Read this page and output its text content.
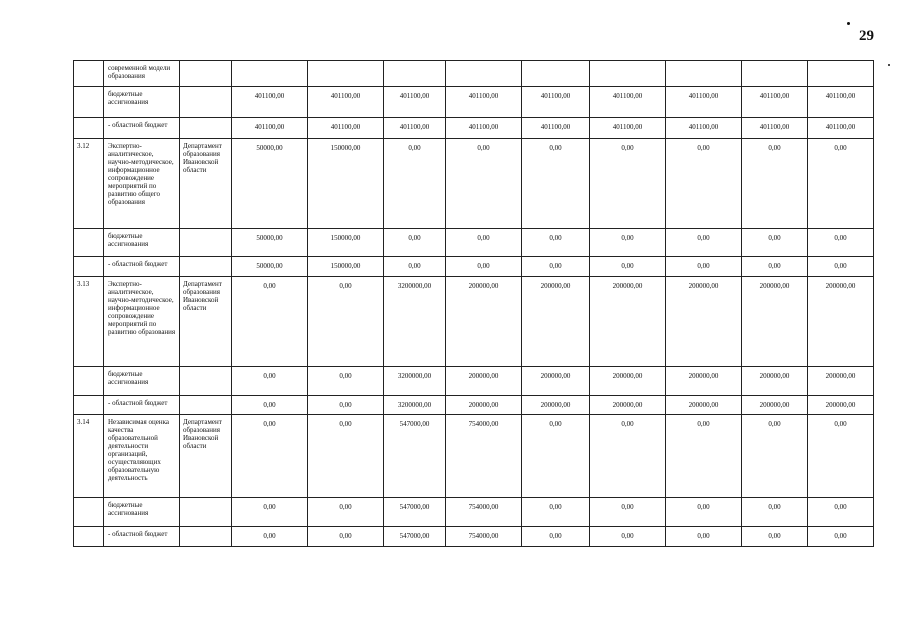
29
	современной модели образования										
	бюджетные ассигнования		401100,00	401100,00	401100,00	401100,00	401100,00	401100,00	401100,00	401100,00	401100,00
	- областной бюджет		401100,00	401100,00	401100,00	401100,00	401100,00	401100,00	401100,00	401100,00	401100,00
3.12	Экспертно-аналитическое, научно-методическое, информационное сопровождение мероприятий по развитию общего образования	Департамент образования Ивановской области	50000,00	150000,00	0,00	0,00	0,00	0,00	0,00	0,00	0,00
	бюджетные ассигнования		50000,00	150000,00	0,00	0,00	0,00	0,00	0,00	0,00	0,00
	- областной бюджет		50000,00	150000,00	0,00	0,00	0,00	0,00	0,00	0,00	0,00
3.13	Экспертно-аналитическое, научно-методическое, информационное сопровождение мероприятий по развитию образования	Департамент образования Ивановской области	0,00	0,00	3200000,00	200000,00	200000,00	200000,00	200000,00	200000,00	200000,00
	бюджетные ассигнования		0,00	0,00	3200000,00	200000,00	200000,00	200000,00	200000,00	200000,00	200000,00
	- областной бюджет		0,00	0,00	3200000,00	200000,00	200000,00	200000,00	200000,00	200000,00	200000,00
3.14	Независимая оценка качества образовательной деятельности организаций, осуществляющих образовательную деятельность	Департамент образования Ивановской области	0,00	0,00	547000,00	754000,00	0,00	0,00	0,00	0,00	0,00
	бюджетные ассигнования		0,00	0,00	547000,00	754000,00	0,00	0,00	0,00	0,00	0,00
	- областной бюджет		0,00	0,00	547000,00	754000,00	0,00	0,00	0,00	0,00	0,00
